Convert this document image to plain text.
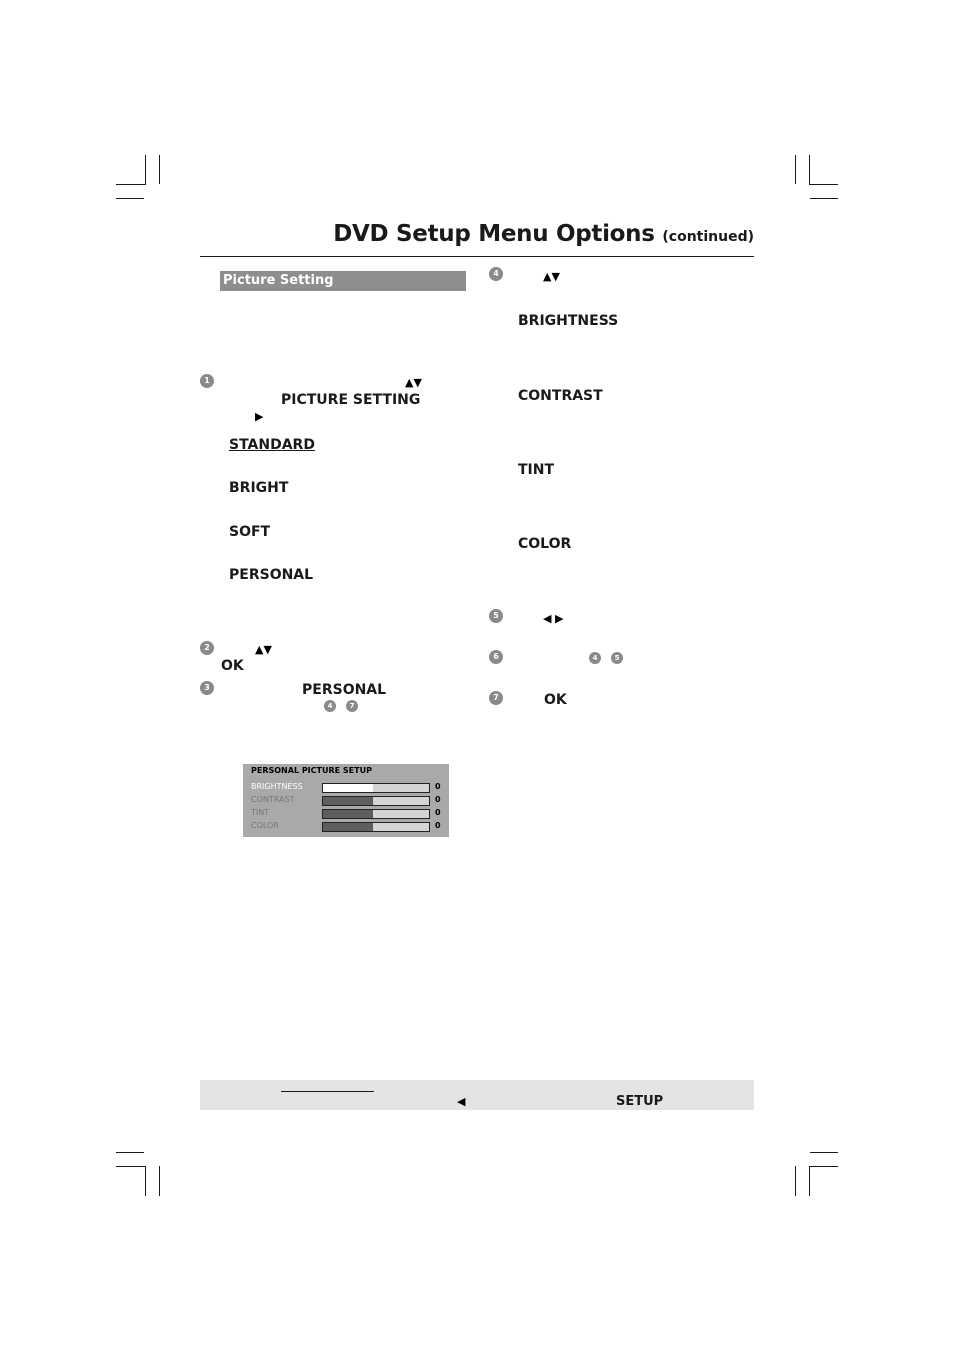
DVD Setup Menu Options (continued)
Picture Setting
1	▲▼
PICTURE SETTING
▶
STANDARD
BRIGHT
SOFT
PERSONAL
2	▲▼
OK
3	PERSONAL
4	7
PERSONAL PICTURE SETUP
BRIGHTNESS	0
CONTRAST	0
TINT	0
COLOR	0
4	▲▼
BRIGHTNESS
CONTRAST
TINT
COLOR
5	◀ ▶
6	4	5
7	OK
◀	SETUP
